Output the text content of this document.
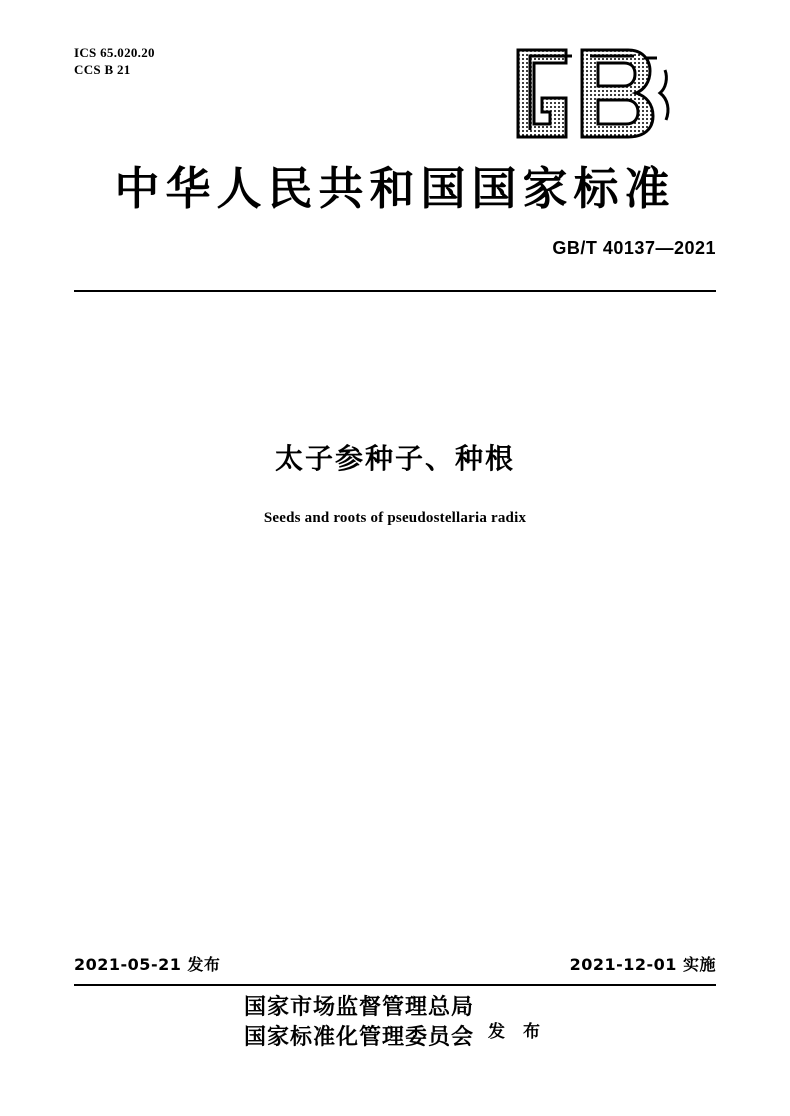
ICS 65.020.20
CCS B 21
中华人民共和国国家标准
GB/T 40137—2021
太子参种子、种根
Seeds and roots of pseudostellaria radix
2021-05-21 发布	2021-12-01 实施
国家市场监督管理总局
国家标准化管理委员会 发 布
